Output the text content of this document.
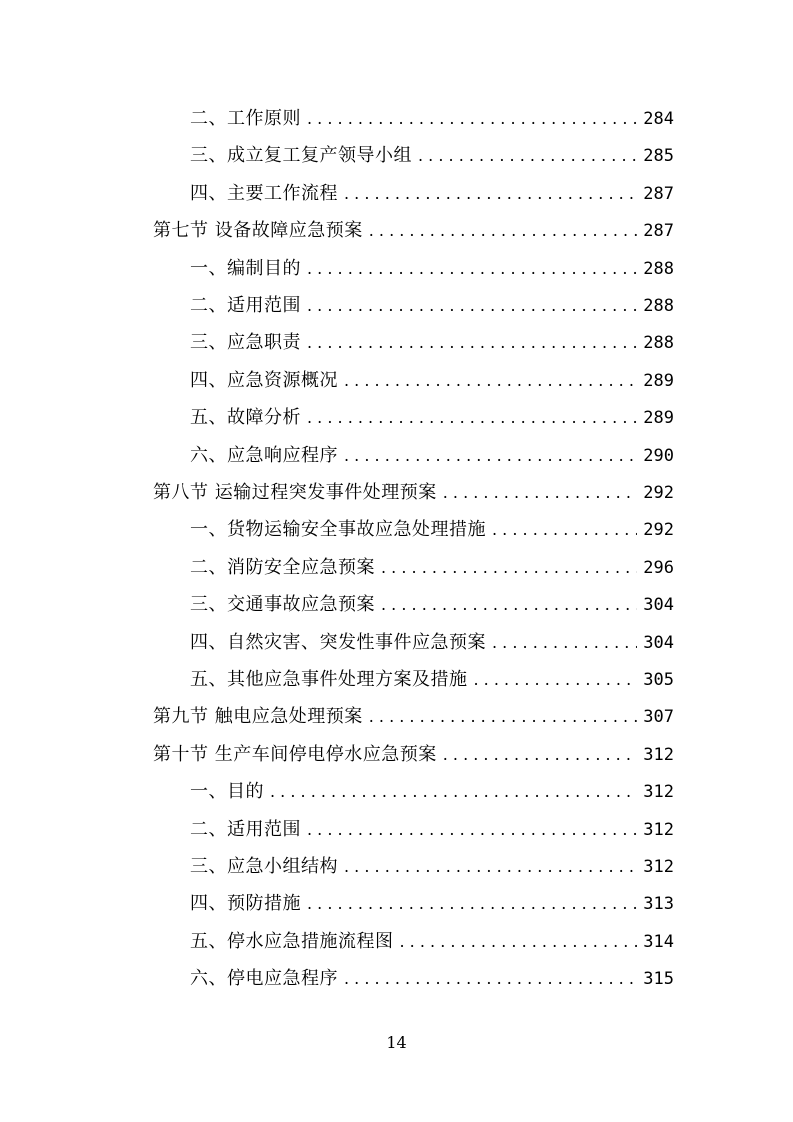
二、工作原则 . . .	284
三、成立复工复产领导小组 . . .	285
四、主要工作流程 . . .	287
第七节 设备故障应急预案 . . .	287
一、编制目的 . . .	288
二、适用范围 . . .	288
三、应急职责 . . .	288
四、应急资源概况 . . .	289
五、故障分析 . . .	289
六、应急响应程序 . . .	290
第八节 运输过程突发事件处理预案 . . .	292
一、货物运输安全事故应急处理措施 . . .	292
二、消防安全应急预案 . . .	296
三、交通事故应急预案 . . .	304
四、自然灾害、突发性事件应急预案 . . .	304
五、其他应急事件处理方案及措施 . . .	305
第九节 触电应急处理预案 . . .	307
第十节 生产车间停电停水应急预案 . . .	312
一、目的 . . .	312
二、适用范围 . . .	312
三、应急小组结构 . . .	312
四、预防措施 . . .	313
五、停水应急措施流程图 . . .	314
六、停电应急程序 . . .	315
14
